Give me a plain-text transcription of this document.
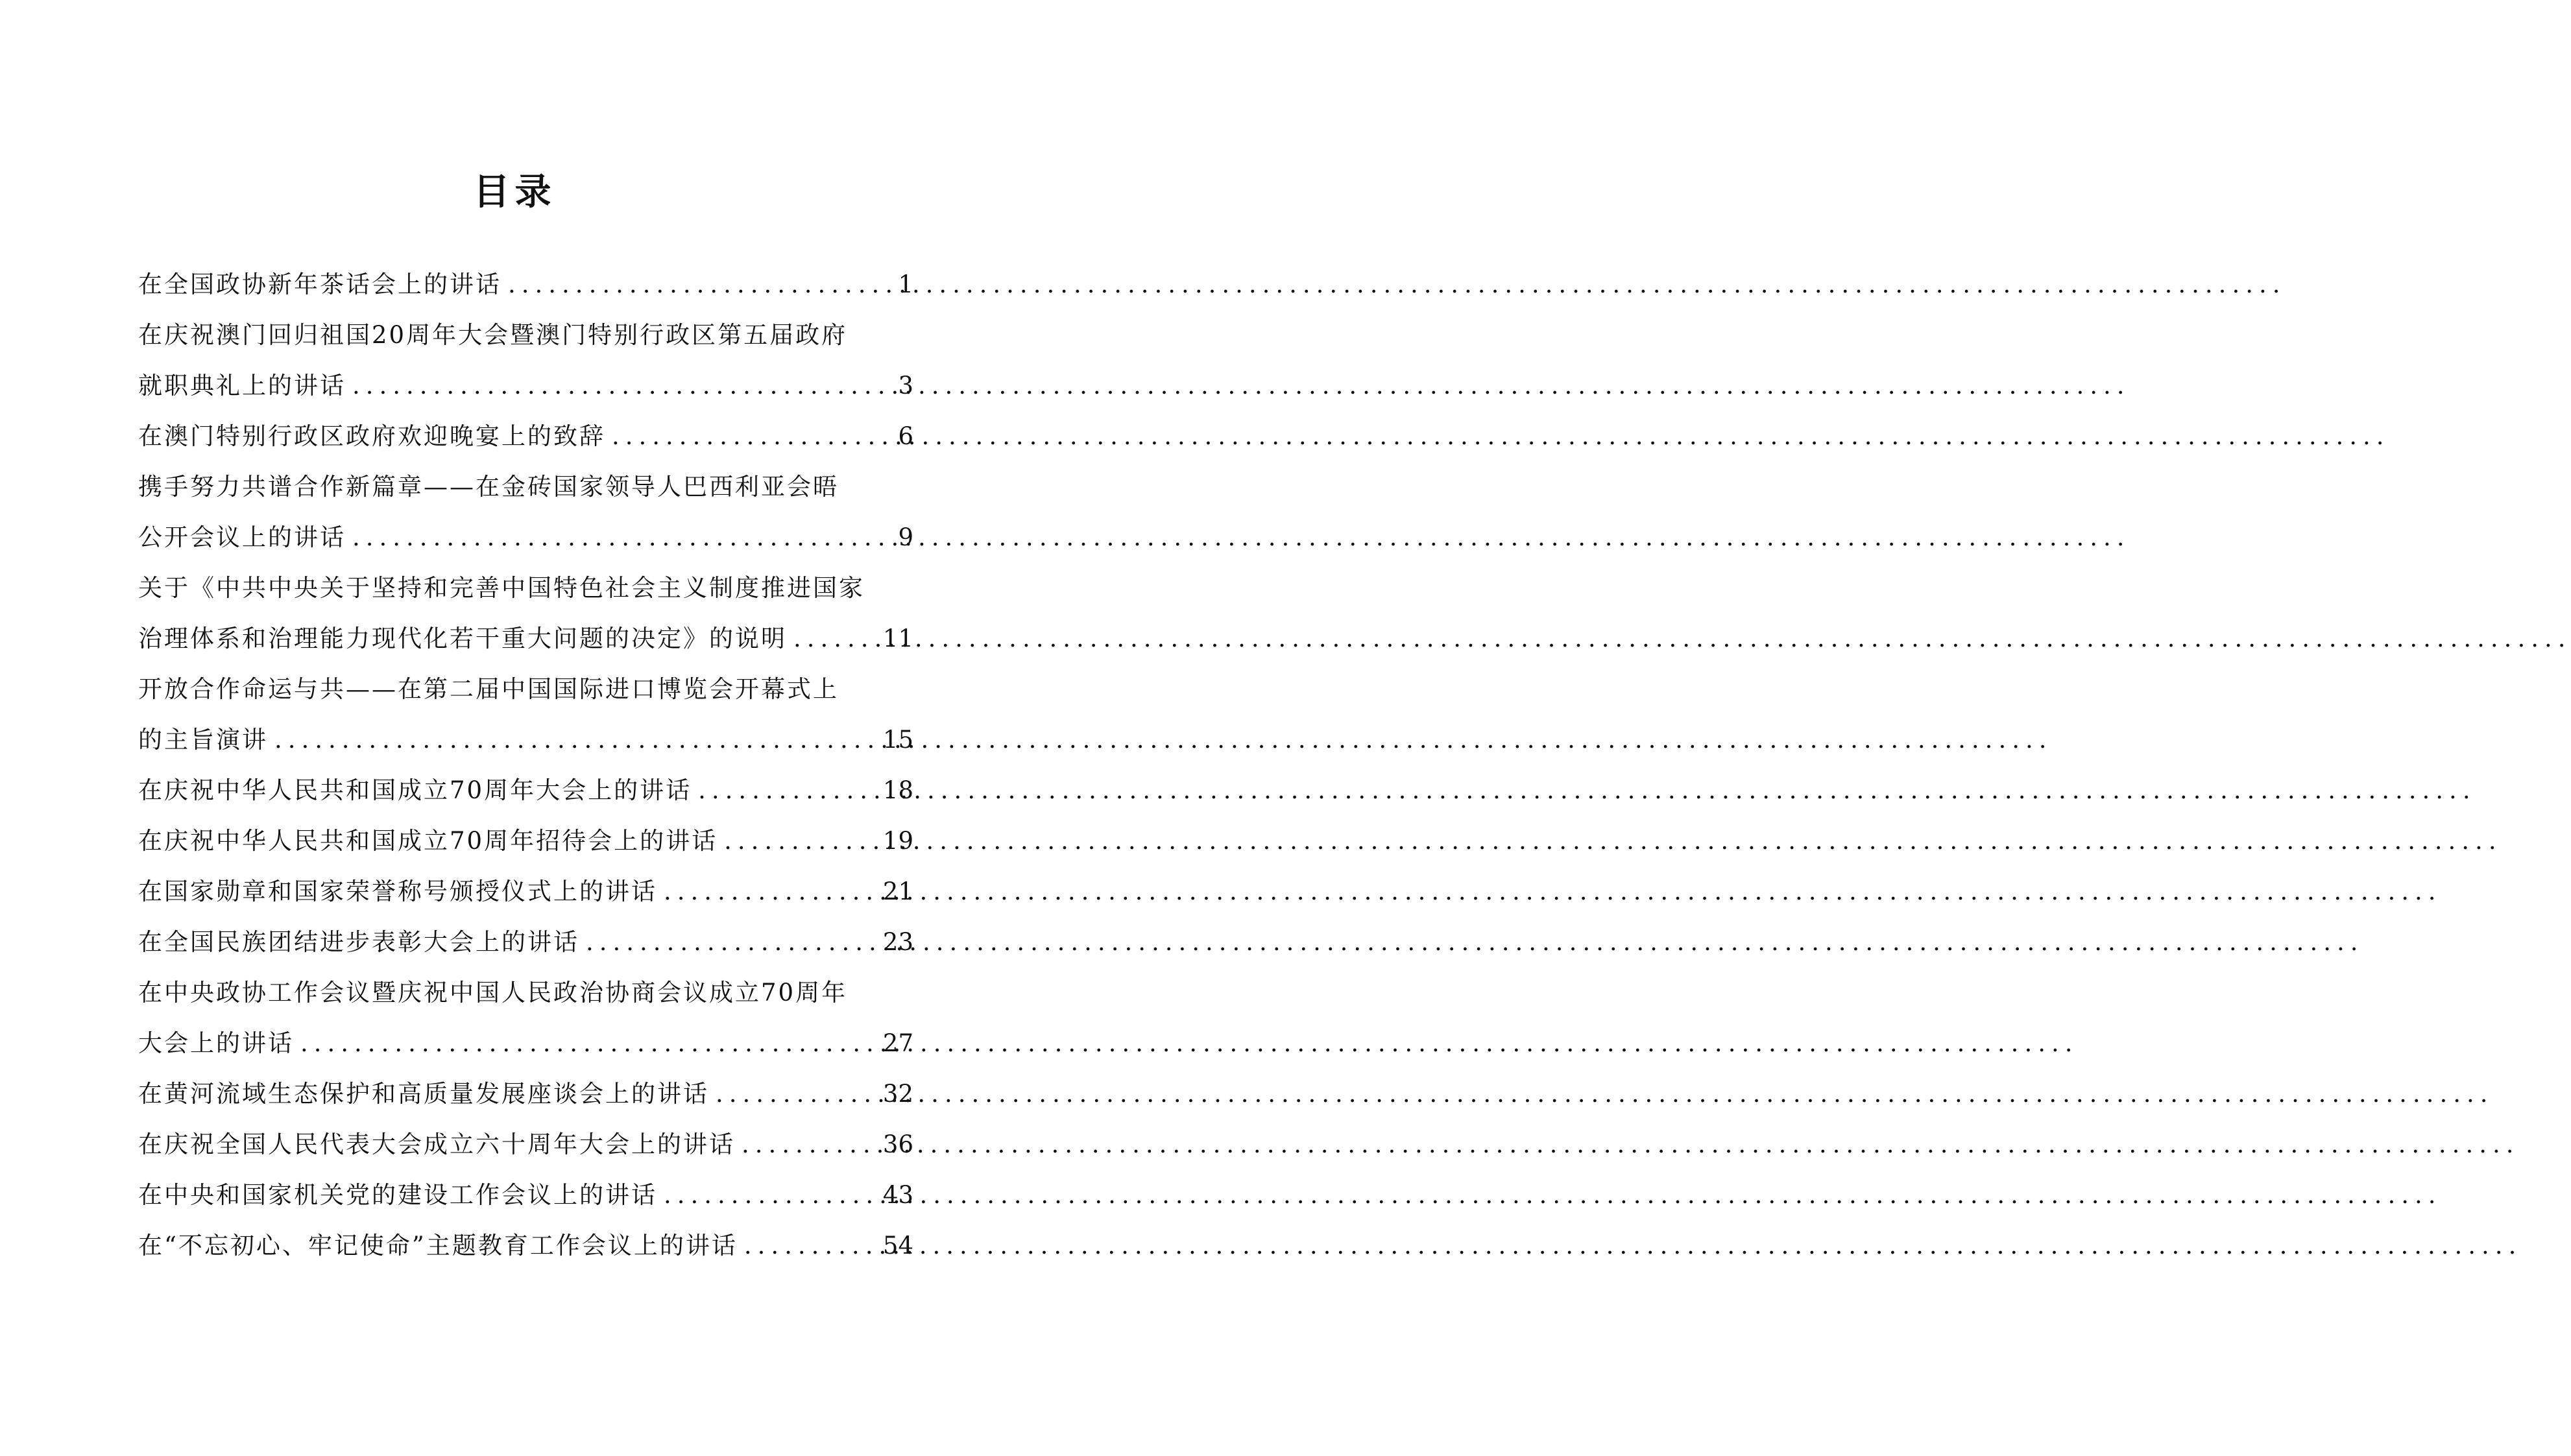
目录
在全国政协新年茶话会上的讲话 .....	1
在庆祝澳门回归祖国20周年大会暨澳门特别行政区第五届政府
就职典礼上的讲话 .....	3
在澳门特别行政区政府欢迎晚宴上的致辞 .....	6
携手努力共谱合作新篇章——在金砖国家领导人巴西利亚会晤
公开会议上的讲话 .....	9
关于《中共中央关于坚持和完善中国特色社会主义制度推进国家
治理体系和治理能力现代化若干重大问题的决定》的说明 .....	11
开放合作命运与共——在第二届中国国际进口博览会开幕式上
的主旨演讲 .....	15
在庆祝中华人民共和国成立70周年大会上的讲话 .....	18
在庆祝中华人民共和国成立70周年招待会上的讲话 .....	19
在国家勋章和国家荣誉称号颁授仪式上的讲话 .....	21
在全国民族团结进步表彰大会上的讲话 .....	23
在中央政协工作会议暨庆祝中国人民政治协商会议成立70周年
大会上的讲话 .....	27
在黄河流域生态保护和高质量发展座谈会上的讲话 .....	32
在庆祝全国人民代表大会成立六十周年大会上的讲话 .....	36
在中央和国家机关党的建设工作会议上的讲话 .....	43
在“不忘初心、牢记使命”主题教育工作会议上的讲话 .....	54
